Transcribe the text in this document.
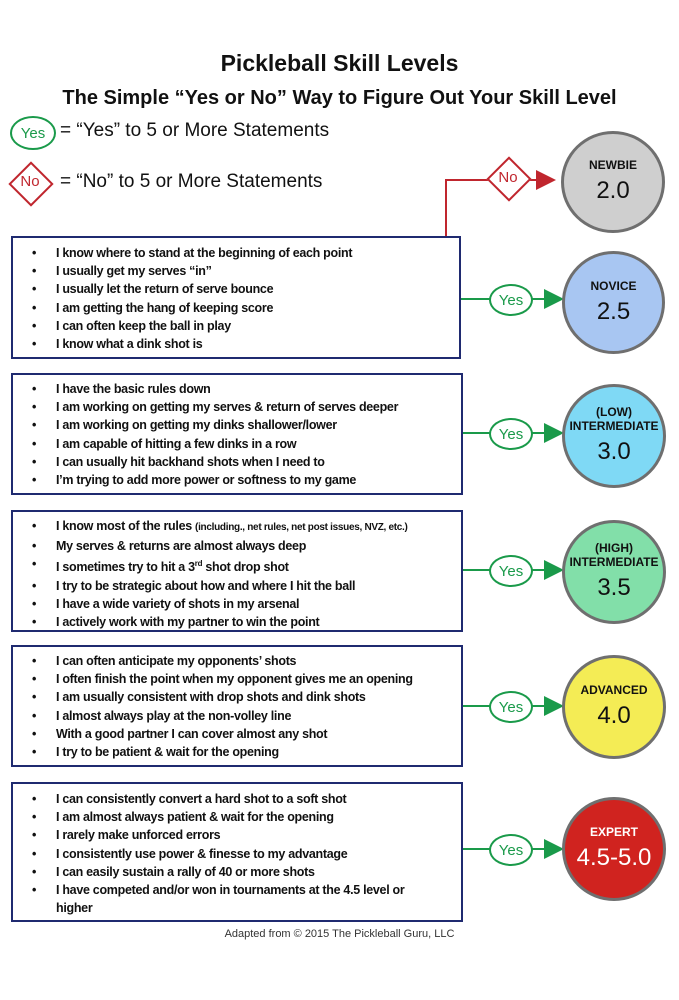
Pickleball Skill Levels
The Simple “Yes or No” Way to Figure Out Your Skill Level
Yes = “Yes” to 5 or More Statements
No	= “No” to 5 or More Statements	No
Yes
Yes
Yes
Yes
Yes
• I know where to stand at the beginning of each point
• I usually get my serves “in”
• I usually let the return of serve bounce
• I am getting the hang of keeping score
• I can often keep the ball in play
• I know what a dink shot is
• I have the basic rules down
• I am working on getting my serves & return of serves deeper
• I am working on getting my dinks shallower/lower
• I am capable of hitting a few dinks in a row
• I can usually hit backhand shots when I need to
• I’m trying to add more power or softness to my game
• I know most of the rules (including., net rules, net post issues, NVZ, etc.)
• My serves & returns are almost always deep
• I sometimes try to hit a 3rd shot drop shot
• I try to be strategic about how and where I hit the ball
• I have a wide variety of shots in my arsenal
• I actively work with my partner to win the point
• I can often anticipate my opponents’ shots
• I often finish the point when my opponent gives me an opening
• I am usually consistent with drop shots and dink shots
• I almost always play at the non-volley line
• With a good partner I can cover almost any shot
• I try to be patient & wait for the opening
• I can consistently convert a hard shot to a soft shot
• I am almost always patient & wait for the opening
• I rarely make unforced errors
• I consistently use power & finesse to my advantage
• I can easily sustain a rally of 40 or more shots
• I have competed and/or won in tournaments at the 4.5 level or higher
NEWBIE
2.0
NOVICE
2.5
(LOW) INTERMEDIATE
3.0
(HIGH) INTERMEDIATE
3.5
ADVANCED
4.0
EXPERT
4.5-5.0
Adapted from © 2015 The Pickleball Guru, LLC
